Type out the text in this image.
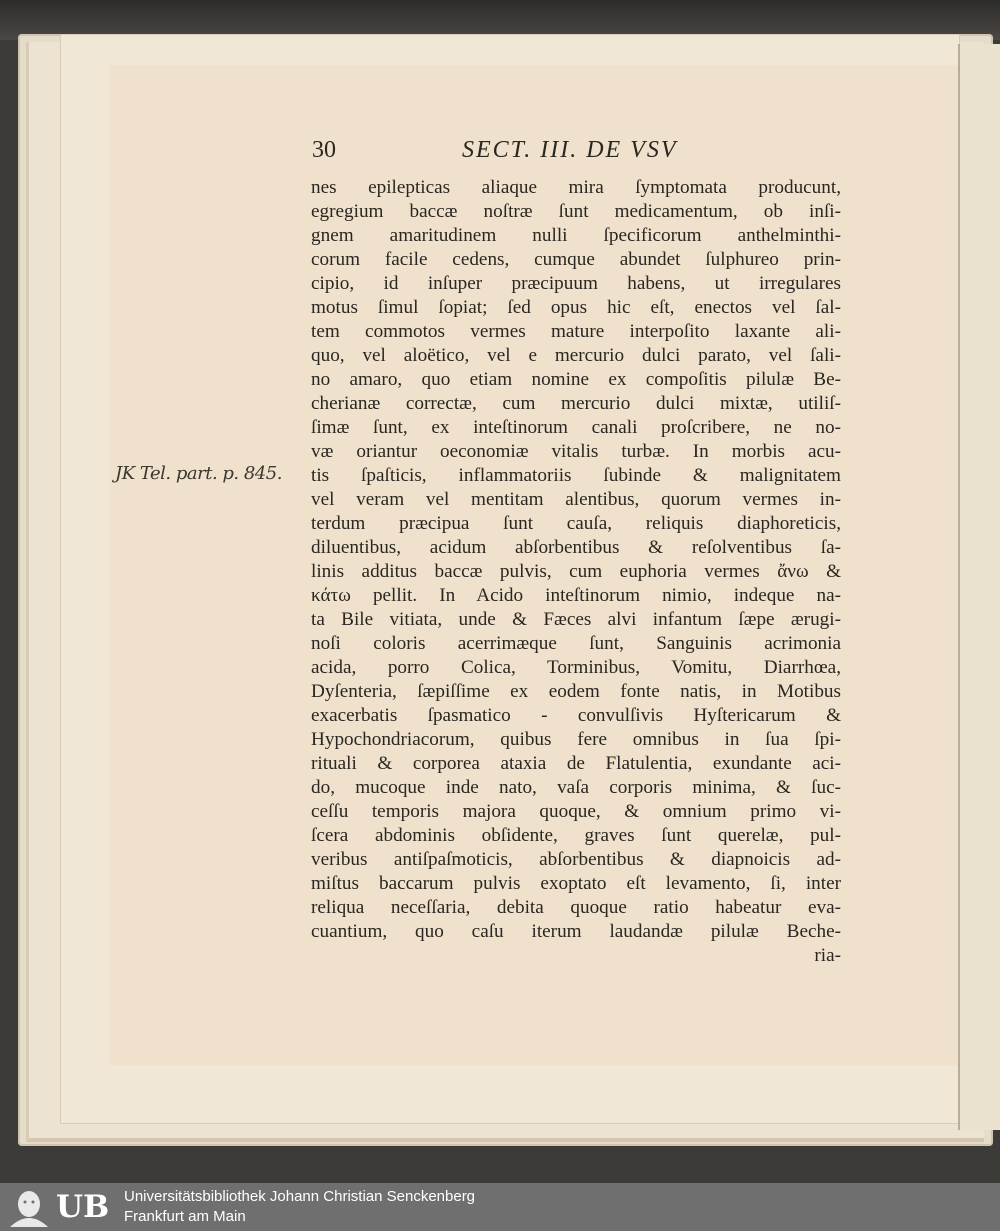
30	SECT. III. DE VSV
JK Tel. part. p. 845.
nes epilepticas aliaque mira ſymptomata producunt,
egregium baccæ noſtræ ſunt medicamentum, ob inſi-
gnem amaritudinem nulli ſpecificorum anthelminthi-
corum facile cedens, cumque abundet ſulphureo prin-
cipio, id inſuper præcipuum habens, ut irregulares
motus ſimul ſopiat; ſed opus hic eſt, enectos vel ſal-
tem commotos vermes mature interpoſito laxante ali-
quo, vel aloëtico, vel e mercurio dulci parato, vel ſali-
no amaro, quo etiam nomine ex compoſitis pilulæ Be-
cherianæ correctæ, cum mercurio dulci mixtæ, utiliſ-
ſimæ ſunt, ex inteſtinorum canali proſcribere, ne no-
væ oriantur oeconomiæ vitalis turbæ. In morbis acu-
tis ſpaſticis, inflammatoriis ſubinde & malignitatem
vel veram vel mentitam alentibus, quorum vermes in-
terdum præcipua ſunt cauſa, reliquis diaphoreticis,
diluentibus, acidum abſorbentibus & reſolventibus ſa-
linis additus baccæ pulvis, cum euphoria vermes ἄνω &
κάτω pellit. In Acido inteſtinorum nimio, indeque na-
ta Bile vitiata, unde & Fæces alvi infantum ſæpe ærugi-
noſi coloris acerrimæque ſunt, Sanguinis acrimonia
acida, porro Colica, Torminibus, Vomitu, Diarrhœa,
Dyſenteria, ſæpiſſime ex eodem fonte natis, in Motibus
exacerbatis ſpasmatico - convulſivis Hyſtericarum &
Hypochondriacorum, quibus fere omnibus in ſua ſpi-
rituali & corporea ataxia de Flatulentia, exundante aci-
do, mucoque inde nato, vaſa corporis minima, & ſuc-
ceſſu temporis majora quoque, & omnium primo vi-
ſcera abdominis obſidente, graves ſunt querelæ, pul-
veribus antiſpaſmoticis, abſorbentibus & diapnoicis ad-
miſtus baccarum pulvis exoptato eſt levamento, ſi, inter
reliqua neceſſaria, debita quoque ratio habeatur eva-
cuantium, quo caſu iterum laudandæ pilulæ Beche-
ria-
UB Universitätsbibliothek Johann Christian Senckenberg
Frankfurt am Main
